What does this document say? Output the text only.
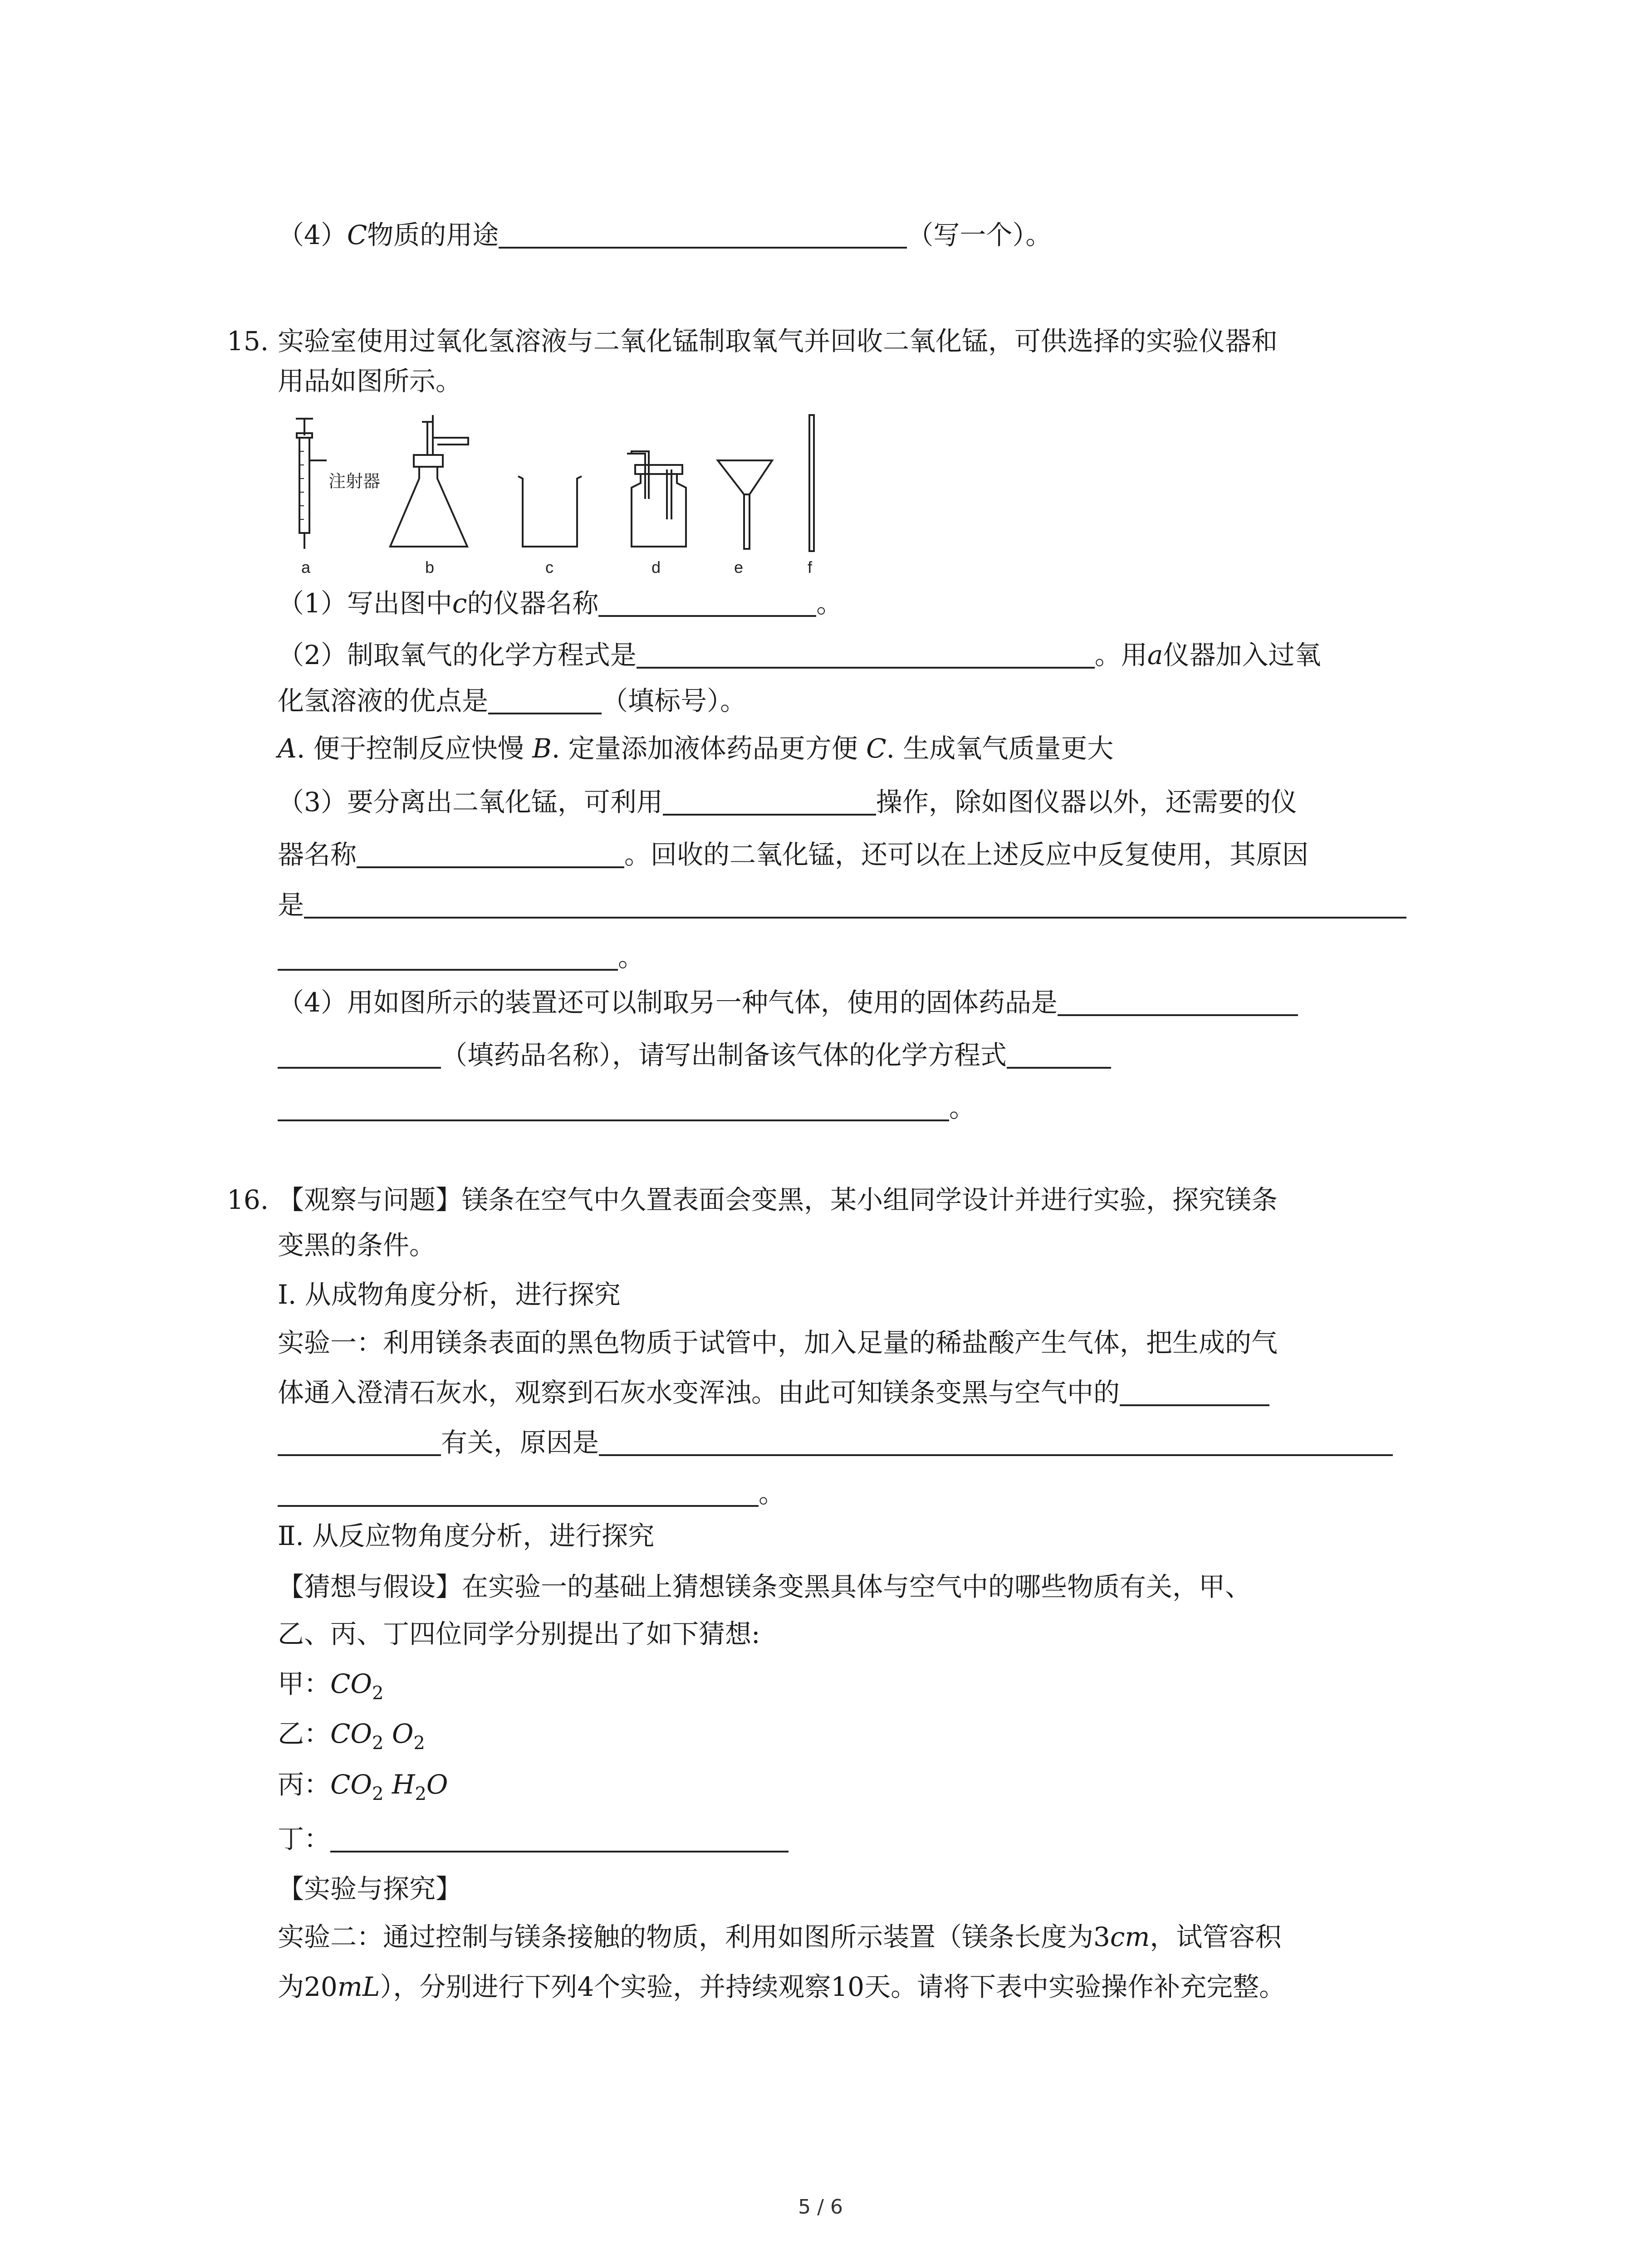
（4）C物质的用途	（写一个）。
15. 实验室使用过氧化氢溶液与二氧化锰制取氧气并回收二氧化锰，可供选择的实验仪器和
用品如图所示。
注射器
a	b	c	d	e	f
（1）写出图中c的仪器名称	。
（2）制取氧气的化学方程式是	。用a仪器加入过氧
化氢溶液的优点是	（填标号）。
A. 便于控制反应快慢 B. 定量添加液体药品更方便 C. 生成氧气质量更大
（3）要分离出二氧化锰，可利用	操作，除如图仪器以外，还需要的仪
器名称	。回收的二氧化锰，还可以在上述反应中反复使用，其原因
是
。
（4）用如图所示的装置还可以制取另一种气体，使用的固体药品是
（填药品名称），请写出制备该气体的化学方程式
。
16. 【观察与问题】镁条在空气中久置表面会变黑，某小组同学设计并进行实验，探究镁条
变黑的条件。
Ⅰ. 从成物角度分析，进行探究
实验一：利用镁条表面的黑色物质于试管中，加入足量的稀盐酸产生气体，把生成的气
体通入澄清石灰水，观察到石灰水变浑浊。由此可知镁条变黑与空气中的
有关，原因是
。
Ⅱ. 从反应物角度分析，进行探究
【猜想与假设】在实验一的基础上猜想镁条变黑具体与空气中的哪些物质有关，甲、
乙、丙、丁四位同学分别提出了如下猜想:
甲：$CO_2$
乙：$CO_2$ $O_2$
丙：$CO_2$ $H_2O$
丁：
【实验与探究】
实验二：通过控制与镁条接触的物质，利用如图所示装置（镁条长度为3cm，试管容积
为20mL），分别进行下列4个实验，并持续观察10天。请将下表中实验操作补充完整。
5 / 6
